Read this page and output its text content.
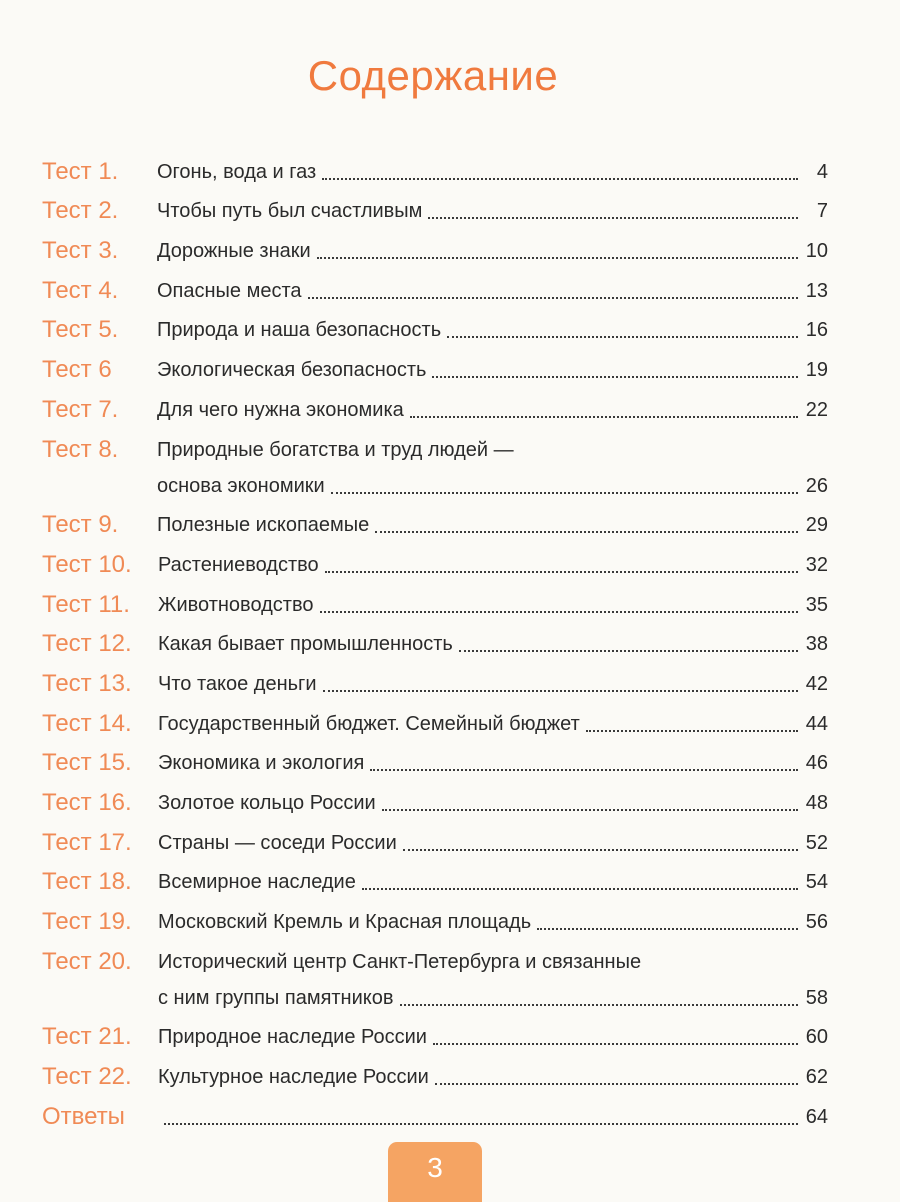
Содержание
Тест 1.	Огонь, вода и газ	4
Тест 2.	Чтобы путь был счастливым	7
Тест 3.	Дорожные знаки	10
Тест 4.	Опасные места	13
Тест 5.	Природа и наша безопасность	16
Тест 6	Экологическая безопасность	19
Тест 7.	Для чего нужна экономика	22
Тест 8.	Природные богатства и труд людей —
основа экономики	26
Тест 9.	Полезные ископаемые	29
Тест 10.	Растениеводство	32
Тест 11.	Животноводство	35
Тест 12.	Какая бывает промышленность	38
Тест 13.	Что такое деньги	42
Тест 14.	Государственный бюджет. Семейный бюджет	44
Тест 15.	Экономика и экология	46
Тест 16.	Золотое кольцо России	48
Тест 17.	Страны — соседи России	52
Тест 18.	Всемирное наследие	54
Тест 19.	Московский Кремль и Красная площадь	56
Тест 20.	Исторический центр Санкт-Петербурга и связанные
с ним группы памятников	58
Тест 21.	Природное наследие России	60
Тест 22.	Культурное наследие России	62
Ответы	64
3
